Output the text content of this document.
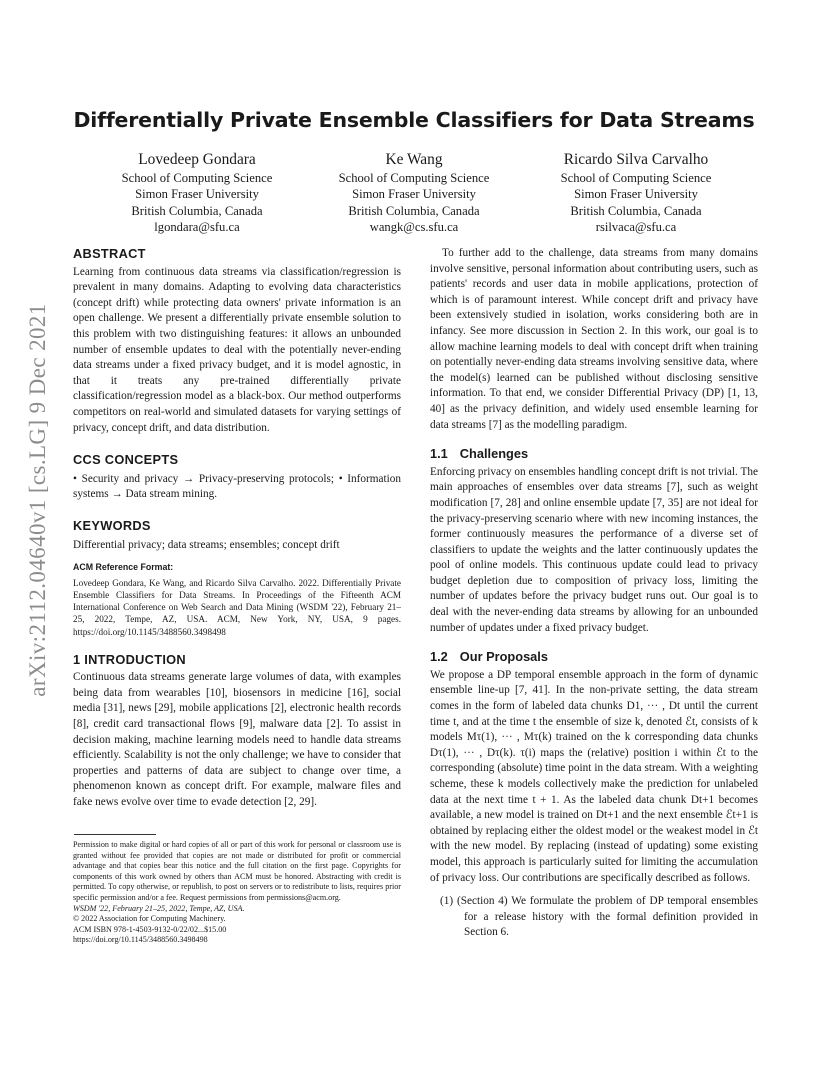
Differentially Private Ensemble Classifiers for Data Streams
Lovedeep Gondara
School of Computing Science
Simon Fraser University
British Columbia, Canada
lgondara@sfu.ca
Ke Wang
School of Computing Science
Simon Fraser University
British Columbia, Canada
wangk@cs.sfu.ca
Ricardo Silva Carvalho
School of Computing Science
Simon Fraser University
British Columbia, Canada
rsilvaca@sfu.ca
arXiv:2112.04640v1 [cs.LG] 9 Dec 2021
ABSTRACT

Learning from continuous data streams via classification/regression is prevalent in many domains. Adapting to evolving data characteristics (concept drift) while protecting data owners' private information is an open challenge. We present a differentially private ensemble solution to this problem with two distinguishing features: it allows an unbounded number of ensemble updates to deal with the potentially never-ending data streams under a fixed privacy budget, and it is model agnostic, in that it treats any pre-trained differentially private classification/regression model as a black-box. Our method outperforms competitors on real-world and simulated datasets for varying settings of privacy, concept drift, and data distribution.

CCS CONCEPTS

• Security and privacy → Privacy-preserving protocols; • Information systems → Data stream mining.

KEYWORDS

Differential privacy; data streams; ensembles; concept drift

ACM Reference Format:

Lovedeep Gondara, Ke Wang, and Ricardo Silva Carvalho. 2022. Differentially Private Ensemble Classifiers for Data Streams. In Proceedings of the Fifteenth ACM International Conference on Web Search and Data Mining (WSDM '22), February 21–25, 2022, Tempe, AZ, USA. ACM, New York, NY, USA, 9 pages. https://doi.org/10.1145/3488560.3498498

1 INTRODUCTION

Continuous data streams generate large volumes of data, with examples being data from wearables [10], biosensors in medicine [16], social media [31], news [29], mobile applications [2], electronic health records [8], credit card transactional flows [9], malware data [2]. To assist in decision making, machine learning models need to handle data streams efficiently. Scalability is not the only challenge; we have to consider that properties and patterns of data are subject to change over time, a phenomenon known as concept drift. For example, malware files and fake news evolve over time to evade detection [2, 29].

Permission to make digital or hard copies of all or part of this work for personal or classroom use is granted without fee provided that copies are not made or distributed for profit or commercial advantage and that copies bear this notice and the full citation on the first page. Copyrights for components of this work owned by others than ACM must be honored. Abstracting with credit is permitted. To copy otherwise, or republish, to post on servers or to redistribute to lists, requires prior specific permission and/or a fee. Request permissions from permissions@acm.org.

WSDM '22, February 21–25, 2022, Tempe, AZ, USA.

© 2022 Association for Computing Machinery.

ACM ISBN 978-1-4503-9132-0/22/02...$15.00

https://doi.org/10.1145/3488560.3498498

To further add to the challenge, data streams from many domains involve sensitive, personal information about contributing users, such as patients' records and user data in mobile applications, protection of which is of paramount interest. While concept drift and privacy have been extensively studied in isolation, works considering both are in infancy. See more discussion in Section 2. In this work, our goal is to allow machine learning models to deal with concept drift when training on potentially never-ending data streams involving sensitive data, where the model(s) learned can be published without disclosing sensitive information. To that end, we consider Differential Privacy (DP) [1, 13, 40] as the privacy definition, and widely used ensemble learning for data streams [7] as the modelling paradigm.

1.1 Challenges

Enforcing privacy on ensembles handling concept drift is not trivial. The main approaches of ensembles over data streams [7], such as weight modification [7, 28] and online ensemble update [7, 35] are not ideal for the privacy-preserving scenario where with new incoming instances, the former continuously measures the performance of a diverse set of classifiers to update the weights and the latter continuously updates the pool of online models. This continuous update could lead to privacy budget depletion due to composition of privacy loss, limiting the number of updates before the privacy budget runs out. Our goal is to deal with the never-ending data streams by allowing for an unbounded number of updates under a fixed privacy budget.

1.2 Our Proposals

We propose a DP temporal ensemble approach in the form of dynamic ensemble line-up [7, 41]. In the non-private setting, the data stream comes in the form of labeled data chunks D1, ··· , Dt until the current time t, and at the time t the ensemble of size k, denoted ℰt, consists of k models Mτ(1), ··· , Mτ(k) trained on the k corresponding data chunks Dτ(1), ··· , Dτ(k). τ(i) maps the (relative) position i within ℰt to the corresponding (absolute) time point in the data stream. With a weighting scheme, these k models collectively make the prediction for unlabeled data at the next time t + 1. As the labeled data chunk Dt+1 becomes available, a new model is trained on Dt+1 and the next ensemble ℰt+1 is obtained by replacing either the oldest model or the weakest model in ℰt with the new model. By replacing (instead of updating) some existing model, this approach is particularly suited for limiting the accumulation of privacy loss. Our contributions are specifically described as follows.

(1) (Section 4) We formulate the problem of DP temporal ensembles for a release history with the formal definition provided in Section 6.
